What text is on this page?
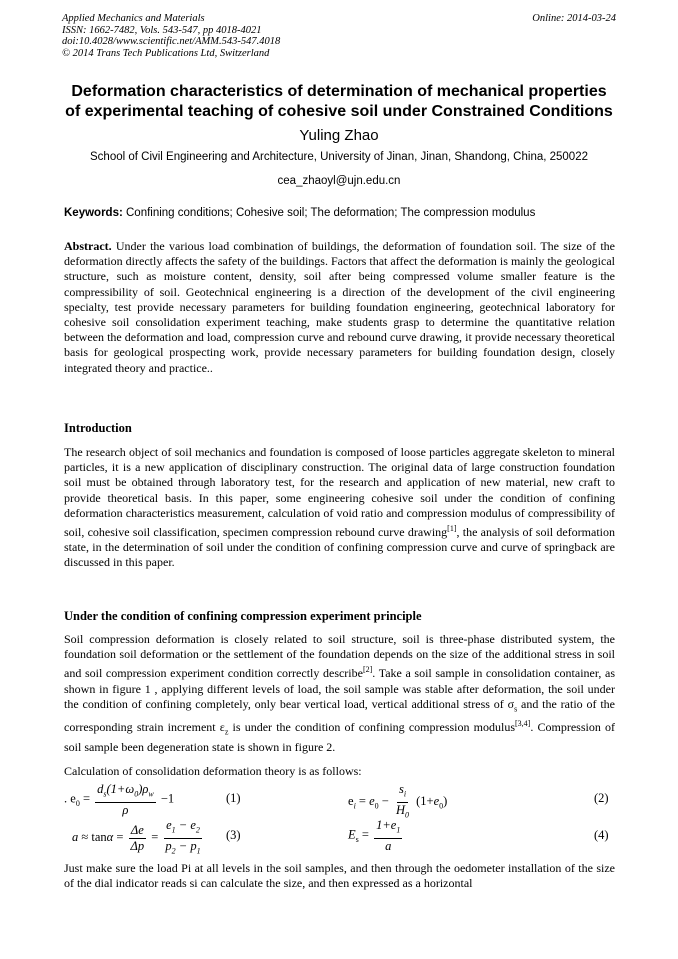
Applied Mechanics and Materials
ISSN: 1662-7482, Vols. 543-547, pp 4018-4021
doi:10.4028/www.scientific.net/AMM.543-547.4018
© 2014 Trans Tech Publications Ltd, Switzerland
Online: 2014-03-24
Deformation characteristics of determination of mechanical properties
of experimental teaching of cohesive soil under Constrained Conditions
Yuling Zhao
School of Civil Engineering and Architecture, University of Jinan, Jinan, Shandong, China, 250022
cea_zhaoyl@ujn.edu.cn
Keywords: Confining conditions; Cohesive soil; The deformation; The compression modulus
Abstract. Under the various load combination of buildings, the deformation of foundation soil. The size of the deformation directly affects the safety of the buildings. Factors that affect the deformation is mainly the geological structure, such as moisture content, density, soil after being compressed volume smaller feature is the compressibility of soil. Geotechnical engineering is a direction of the development of the civil engineering specialty, test provide necessary parameters for building foundation engineering, geotechnical laboratory for cohesive soil consolidation experiment teaching, make students grasp to determine the quantitative relation between the deformation and load, compression curve and rebound curve drawing, it provide necessary theoretical basis for geological prospecting work, provide necessary parameters for building foundation design, closely integrated theory and practice..
Introduction
The research object of soil mechanics and foundation is composed of loose particles aggregate skeleton to mineral particles, it is a new application of disciplinary construction. The original data of large construction foundation soil must be obtained through laboratory test, for the research and application of new material, new craft to provide theoretical basis. In this paper, some engineering cohesive soil under the condition of confining deformation characteristics measurement, calculation of void ratio and compression modulus of compressibility of soil, cohesive soil classification, specimen compression rebound curve drawing[1], the analysis of soil deformation state, in the determination of soil under the condition of confining compression curve and curve of springback are discussed in this paper.
Under the condition of confining compression experiment principle
Soil compression deformation is closely related to soil structure, soil is three-phase distributed system, the foundation soil deformation or the settlement of the foundation depends on the size of the additional stress in soil and soil compression experiment condition correctly describe[2]. Take a soil sample in consolidation container, as shown in figure 1 , applying different levels of load, the soil sample was stable after deformation, the soil under the condition of confining completely, only bear vertical load, vertical additional stress of $\sigma_s$ and the ratio of the corresponding strain increment $\varepsilon_z$ is under the condition of confining compression modulus[3,4]. Compression of soil sample been degeneration state is shown in figure 2.
Calculation of consolidation deformation theory is as follows:
. $e_0 = \frac{d_s(1+\omega_0)\rho_w}{\rho} -1$	(1)	$e_i = e_0 - \frac{s_i}{H_0} (1+e_0)$	(2)
$a \approx \tan\alpha = \frac{\Delta e}{\Delta p} = \frac{e_1 - e_2}{p_2 - p_1} (3)$	$E_s = \frac{1+e_1}{a}$	(4)
Just make sure the load Pi at all levels in the soil samples, and then through the oedometer installation of the size of the dial indicator reads si can calculate the size, and then expressed as a horizontal
